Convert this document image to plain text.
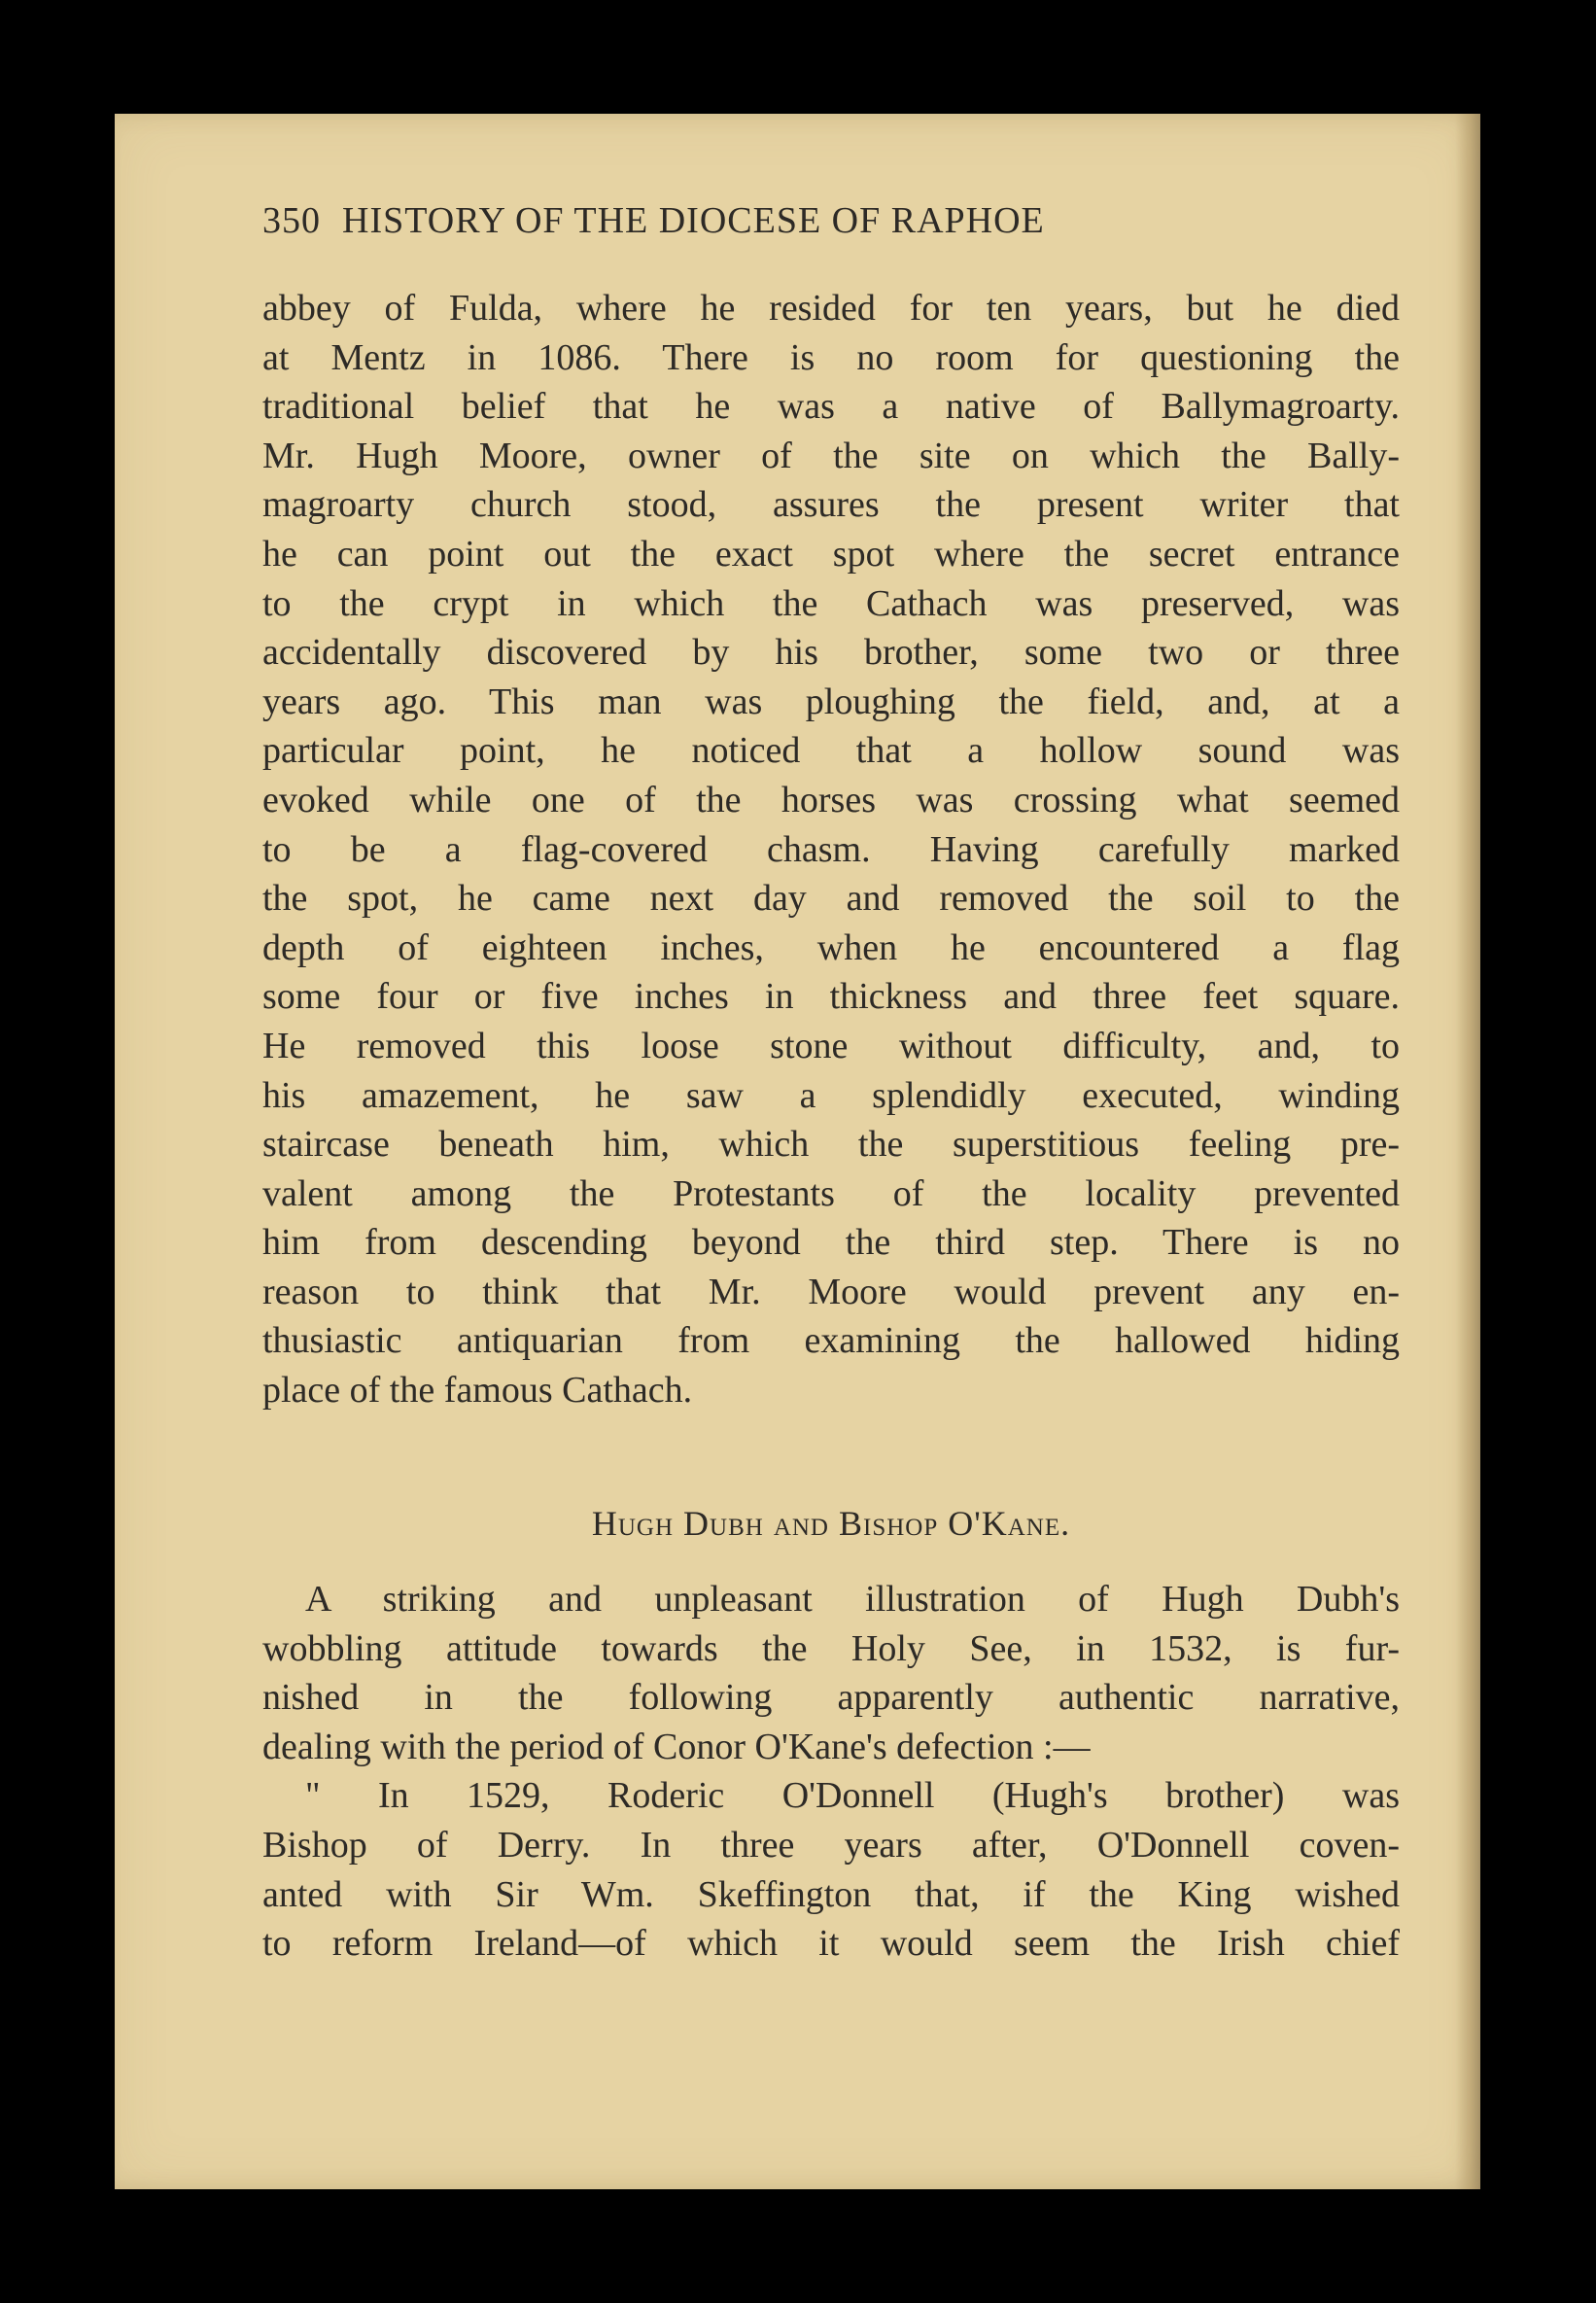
350 HISTORY OF THE DIOCESE OF RAPHOE
abbey of Fulda, where he resided for ten years, but he died
at Mentz in 1086. There is no room for questioning the
traditional belief that he was a native of Ballymagroarty.
Mr. Hugh Moore, owner of the site on which the Bally-
magroarty church stood, assures the present writer that
he can point out the exact spot where the secret entrance
to the crypt in which the Cathach was preserved, was
accidentally discovered by his brother, some two or three
years ago. This man was ploughing the field, and, at a
particular point, he noticed that a hollow sound was
evoked while one of the horses was crossing what seemed
to be a flag-covered chasm. Having carefully marked
the spot, he came next day and removed the soil to the
depth of eighteen inches, when he encountered a flag
some four or five inches in thickness and three feet square.
He removed this loose stone without difficulty, and, to
his amazement, he saw a splendidly executed, winding
staircase beneath him, which the superstitious feeling pre-
valent among the Protestants of the locality prevented
him from descending beyond the third step. There is no
reason to think that Mr. Moore would prevent any en-
thusiastic antiquarian from examining the hallowed hiding
place of the famous Cathach.
Hugh Dubh and Bishop O'Kane.
A striking and unpleasant illustration of Hugh Dubh's
wobbling attitude towards the Holy See, in 1532, is fur-
nished in the following apparently authentic narrative,
dealing with the period of Conor O'Kane's defection :—
" In 1529, Roderic O'Donnell (Hugh's brother) was
Bishop of Derry. In three years after, O'Donnell coven-
anted with Sir Wm. Skeffington that, if the King wished
to reform Ireland—of which it would seem the Irish chief
